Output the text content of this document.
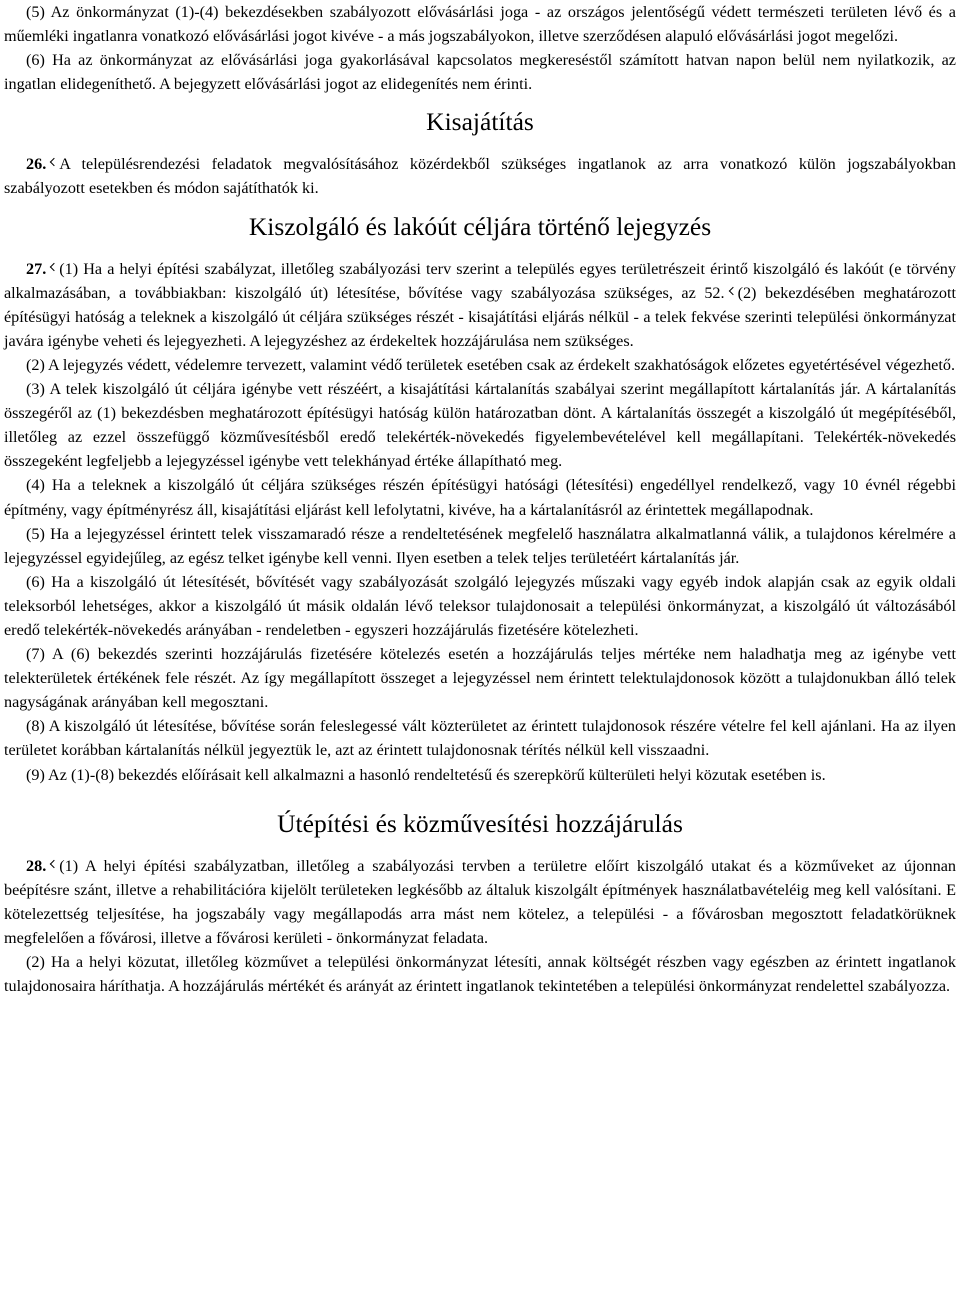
(5) Az önkormányzat (1)-(4) bekezdésekben szabályozott elővásárlási joga - az országos jelentőségű védett természeti területen lévő és a műemléki ingatlanra vonatkozó elővásárlási jogot kivéve - a más jogszabályokon, illetve szerződésen alapuló elővásárlási jogot megelőzi.

(6) Ha az önkormányzat az elővásárlási joga gyakorlásával kapcsolatos megkereséstől számított hatvan napon belül nem nyilatkozik, az ingatlan elidegeníthető. A bejegyzett elővásárlási jogot az elidegenítés nem érinti.

Kisajátítás

26. A településrendezési feladatok megvalósításához közérdekből szükséges ingatlanok az arra vonatkozó külön jogszabályokban szabályozott esetekben és módon sajátíthatók ki.

Kiszolgáló és lakóút céljára történő lejegyzés

27. (1) Ha a helyi építési szabályzat, illetőleg szabályozási terv szerint a település egyes területrészeit érintő kiszolgáló és lakóút (e törvény alkalmazásában, a továbbiakban: kiszolgáló út) létesítése, bővítése vagy szabályozása szükséges, az 52. (2) bekezdésében meghatározott építésügyi hatóság a teleknek a kiszolgáló út céljára szükséges részét - kisajátítási eljárás nélkül - a telek fekvése szerinti települési önkormányzat javára igénybe veheti és lejegyezheti. A lejegyzéshez az érdekeltek hozzájárulása nem szükséges.

(2) A lejegyzés védett, védelemre tervezett, valamint védő területek esetében csak az érdekelt szakhatóságok előzetes egyetértésével végezhető.

(3) A telek kiszolgáló út céljára igénybe vett részéért, a kisajátítási kártalanítás szabályai szerint megállapított kártalanítás jár. A kártalanítás összegéről az (1) bekezdésben meghatározott építésügyi hatóság külön határozatban dönt. A kártalanítás összegét a kiszolgáló út megépítéséből, illetőleg az ezzel összefüggő közművesítésből eredő telekérték-növekedés figyelembevételével kell megállapítani. Telekérték-növekedés összegeként legfeljebb a lejegyzéssel igénybe vett telekhányad értéke állapítható meg.

(4) Ha a teleknek a kiszolgáló út céljára szükséges részén építésügyi hatósági (létesítési) engedéllyel rendelkező, vagy 10 évnél régebbi építmény, vagy építményrész áll, kisajátítási eljárást kell lefolytatni, kivéve, ha a kártalanításról az érintettek megállapodnak.

(5) Ha a lejegyzéssel érintett telek visszamaradó része a rendeltetésének megfelelő használatra alkalmatlanná válik, a tulajdonos kérelmére a lejegyzéssel egyidejűleg, az egész telket igénybe kell venni. Ilyen esetben a telek teljes területéért kártalanítás jár.

(6) Ha a kiszolgáló út létesítését, bővítését vagy szabályozását szolgáló lejegyzés műszaki vagy egyéb indok alapján csak az egyik oldali teleksorból lehetséges, akkor a kiszolgáló út másik oldalán lévő teleksor tulajdonosait a települési önkormányzat, a kiszolgáló út változásából eredő telekérték-növekedés arányában - rendeletben - egyszeri hozzájárulás fizetésére kötelezheti.

(7) A (6) bekezdés szerinti hozzájárulás fizetésére kötelezés esetén a hozzájárulás teljes mértéke nem haladhatja meg az igénybe vett telekterületek értékének fele részét. Az így megállapított összeget a lejegyzéssel nem érintett telektulajdonosok között a tulajdonukban álló telek nagyságának arányában kell megosztani.

(8) A kiszolgáló út létesítése, bővítése során feleslegessé vált közterületet az érintett tulajdonosok részére vételre fel kell ajánlani. Ha az ilyen területet korábban kártalanítás nélkül jegyeztük le, azt az érintett tulajdonosnak térítés nélkül kell visszaadni.

(9) Az (1)-(8) bekezdés előírásait kell alkalmazni a hasonló rendeltetésű és szerepkörű külterületi helyi közutak esetében is.

Útépítési és közművesítési hozzájárulás

28. (1) A helyi építési szabályzatban, illetőleg a szabályozási tervben a területre előírt kiszolgáló utakat és a közműveket az újonnan beépítésre szánt, illetve a rehabilitációra kijelölt területeken legkésőbb az általuk kiszolgált építmények használatbavételéig meg kell valósítani. E kötelezettség teljesítése, ha jogszabály vagy megállapodás arra mást nem kötelez, a települési - a fővárosban megosztott feladatkörüknek megfelelően a fővárosi, illetve a fővárosi kerületi - önkormányzat feladata.

(2) Ha a helyi közutat, illetőleg közművet a települési önkormányzat létesíti, annak költségét részben vagy egészben az érintett ingatlanok tulajdonosaira háríthatja. A hozzájárulás mértékét és arányát az érintett ingatlanok tekintetében a települési önkormányzat rendelettel szabályozza.
